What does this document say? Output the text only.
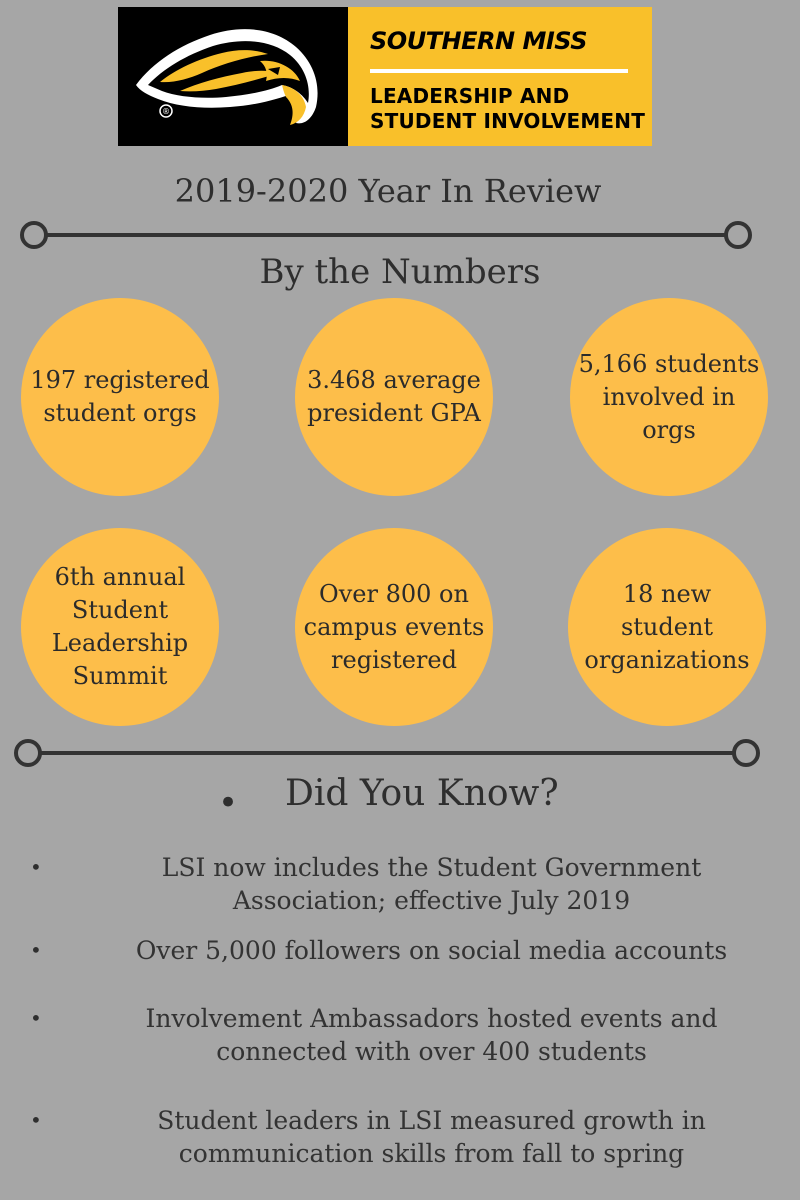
®
SOUTHERN MISS
LEADERSHIP AND
STUDENT INVOLVEMENT
2019-2020 Year In Review
By the Numbers
197 registered
student orgs
3.468 average
president GPA
5,166 students
involved in orgs
6th annual
Student
Leadership
Summit
Over 800 on
campus events
registered
18 new
student
organizations
• Did You Know?
•	LSI now includes the Student Government
Association; effective July 2019
•	Over 5,000 followers on social media accounts
•	Involvement Ambassadors hosted events and
connected with over 400 students
•	Student leaders in LSI measured growth in
communication skills from fall to spring
